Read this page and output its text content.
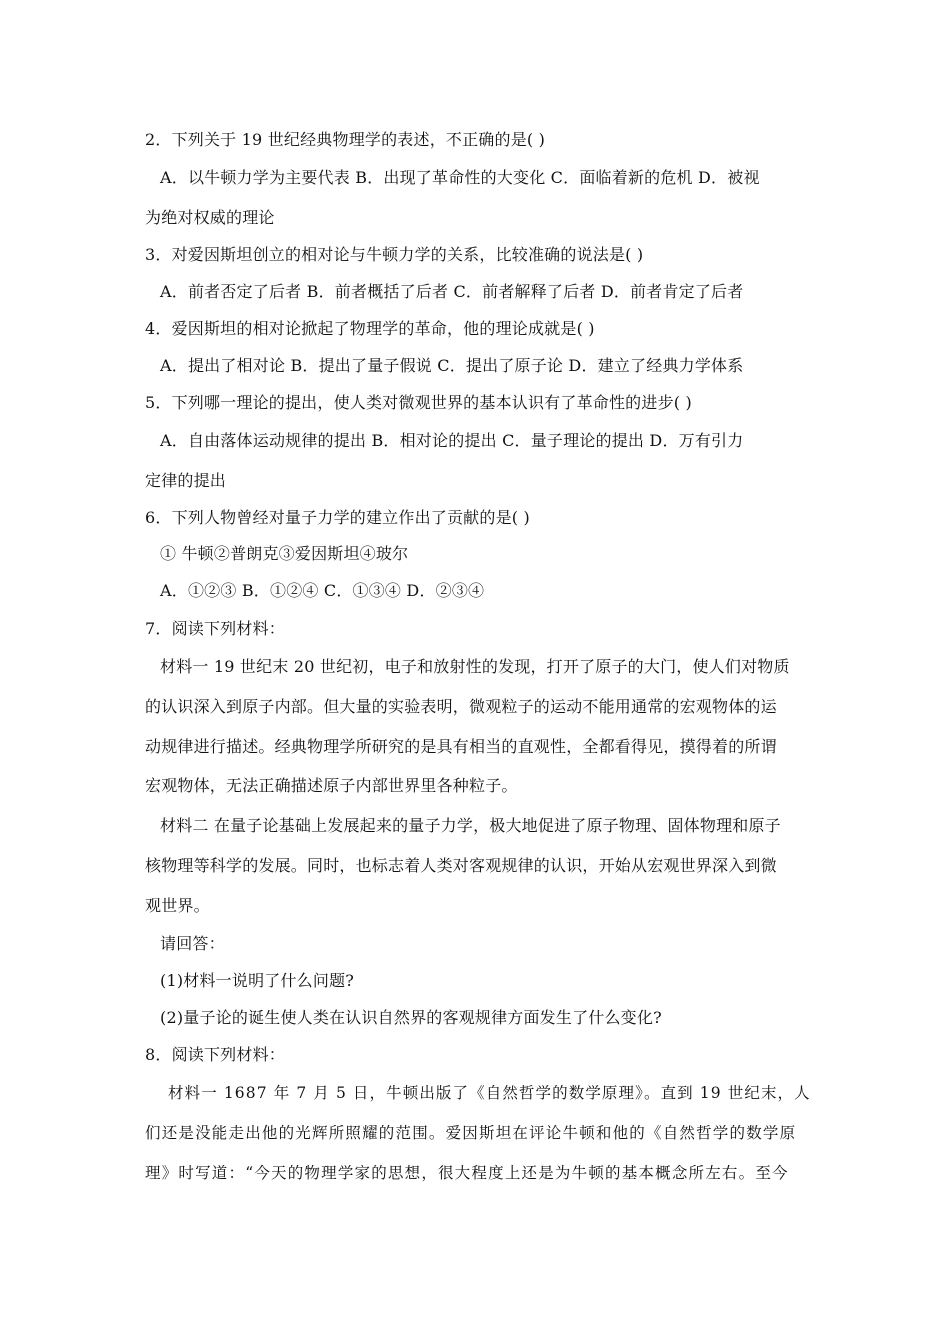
2．下列关于 19 世纪经典物理学的表述，不正确的是( )
A．以牛顿力学为主要代表 B．出现了革命性的大变化 C．面临着新的危机 D．被视
为绝对权威的理论
3．对爱因斯坦创立的相对论与牛顿力学的关系，比较准确的说法是( )
A．前者否定了后者 B．前者概括了后者 C．前者解释了后者 D．前者肯定了后者
4．爱因斯坦的相对论掀起了物理学的革命，他的理论成就是( )
A．提出了相对论 B．提出了量子假说 C．提出了原子论 D．建立了经典力学体系
5．下列哪一理论的提出，使人类对微观世界的基本认识有了革命性的进步( )
A．自由落体运动规律的提出 B．相对论的提出 C．量子理论的提出 D．万有引力
定律的提出
6．下列人物曾经对量子力学的建立作出了贡献的是( )
① 牛顿②普朗克③爱因斯坦④玻尔
A．①②③ B．①②④ C．①③④ D．②③④
7．阅读下列材料：
材料一 19 世纪末 20 世纪初，电子和放射性的发现，打开了原子的大门，使人们对物质
的认识深入到原子内部。但大量的实验表明，微观粒子的运动不能用通常的宏观物体的运
动规律进行描述。经典物理学所研究的是具有相当的直观性，全都看得见，摸得着的所谓
宏观物体，无法正确描述原子内部世界里各种粒子。
材料二 在量子论基础上发展起来的量子力学，极大地促进了原子物理、固体物理和原子
核物理等科学的发展。同时，也标志着人类对客观规律的认识，开始从宏观世界深入到微
观世界。
请回答：
(1)材料一说明了什么问题?
(2)量子论的诞生使人类在认识自然界的客观规律方面发生了什么变化?
8．阅读下列材料：
材料一 1687 年 7 月 5 日，牛顿出版了《自然哲学的数学原理》。直到 19 世纪末，人
们还是没能走出他的光辉所照耀的范围。爱因斯坦在评论牛顿和他的《自然哲学的数学原
理》时写道：“今天的物理学家的思想，很大程度上还是为牛顿的基本概念所左右。至今
